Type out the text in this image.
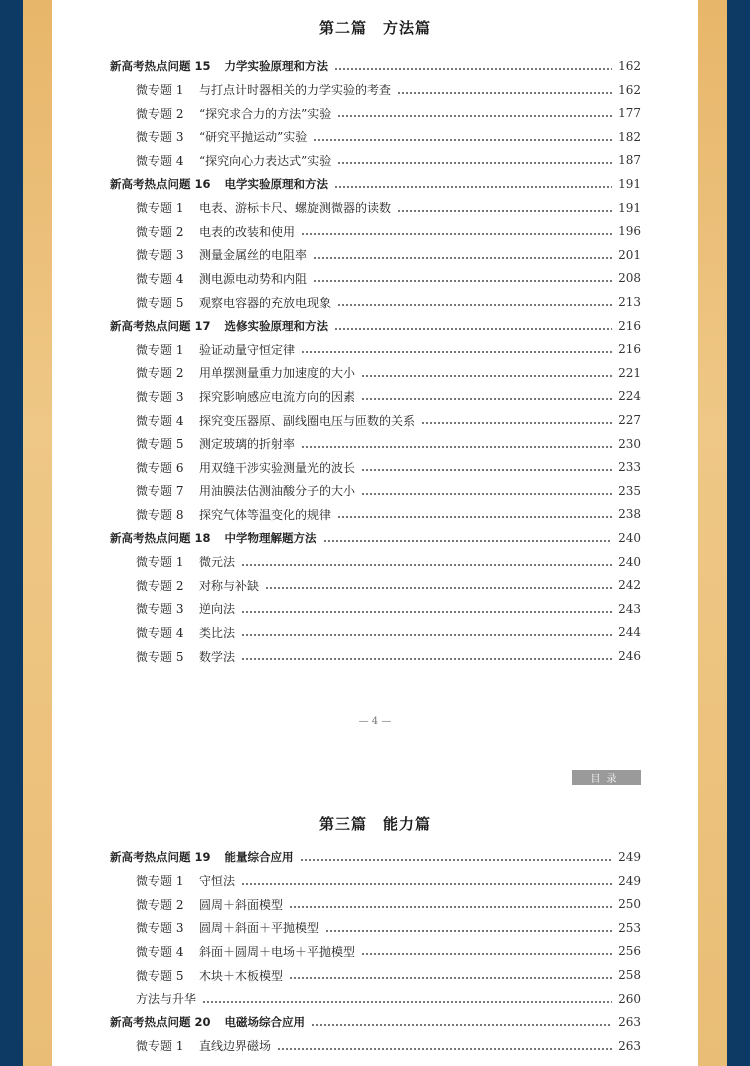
第二篇　方法篇
新高考热点问题 15 力学实验原理和方法	162
微专题 1 与打点计时器相关的力学实验的考查	162
微专题 2 “探究求合力的方法”实验	177
微专题 3 “研究平抛运动”实验	182
微专题 4 “探究向心力表达式”实验	187
新高考热点问题 16 电学实验原理和方法	191
微专题 1 电表、游标卡尺、螺旋测微器的读数	191
微专题 2 电表的改装和使用	196
微专题 3 测量金属丝的电阻率	201
微专题 4 测电源电动势和内阻	208
微专题 5 观察电容器的充放电现象	213
新高考热点问题 17 选修实验原理和方法	216
微专题 1 验证动量守恒定律	216
微专题 2 用单摆测量重力加速度的大小	221
微专题 3 探究影响感应电流方向的因素	224
微专题 4 探究变压器原、副线圈电压与匝数的关系	227
微专题 5 测定玻璃的折射率	230
微专题 6 用双缝干涉实验测量光的波长	233
微专题 7 用油膜法估测油酸分子的大小	235
微专题 8 探究气体等温变化的规律	238
新高考热点问题 18 中学物理解题方法	240
微专题 1 微元法	240
微专题 2 对称与补缺	242
微专题 3 逆向法	243
微专题 4 类比法	244
微专题 5 数学法	246
— 4 —
目录
第三篇　能力篇
新高考热点问题 19 能量综合应用	249
微专题 1 守恒法	249
微专题 2 圆周＋斜面模型	250
微专题 3 圆周＋斜面＋平抛模型	253
微专题 4 斜面＋圆周＋电场＋平抛模型	256
微专题 5 木块＋木板模型	258
方法与升华	260
新高考热点问题 20 电磁场综合应用	263
微专题 1 直线边界磁场	263
